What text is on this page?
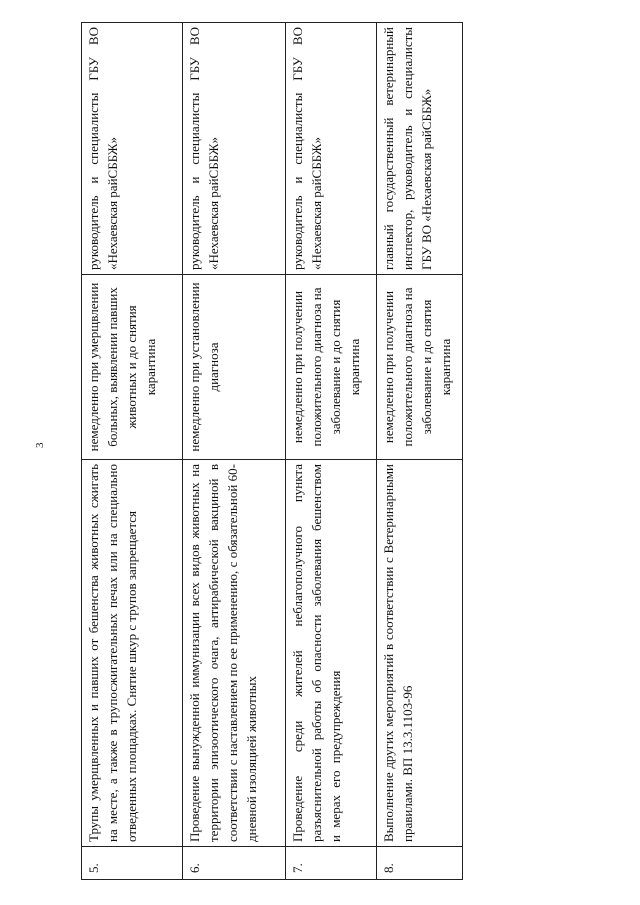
3
5.	Трупы умерщвленных и павших от бешенства животных сжигать на месте, а также в трупосжигательных печах или на специально отведенных площадках. Снятие шкур с трупов запрещается	немедленно при умерщвлении больных, выявлении павших животных и до снятия карантина	руководитель и специалисты ГБУ ВО «Нехаевская райСББЖ»
6.	Проведение вынужденной иммунизации всех видов животных на территории эпизоотического очага, антирабической вакциной в соответствии с наставлением по ее применению, с обязательной 60-дневной изоляцией животных	немедленно при установлении диагноза	руководитель и специалисты ГБУ ВО «Нехаевская райСББЖ»
7.	Проведение среди жителей неблагополучного пункта разъяснительной работы об опасности заболевания бешенством и мерах его предупреждения	немедленно при получении положительного диагноза на заболевание и до снятия карантина	руководитель и специалисты ГБУ ВО «Нехаевская райСББЖ»
8.	Выполнение других мероприятий в соответствии с Ветеринарными правилами. ВП 13.3.1103-96	немедленно при получении положительного диагноза на заболевание и до снятия карантина	главный государственный ветеринарный инспектор, руководитель и специалисты ГБУ ВО «Нехаевская райСББЖ»
